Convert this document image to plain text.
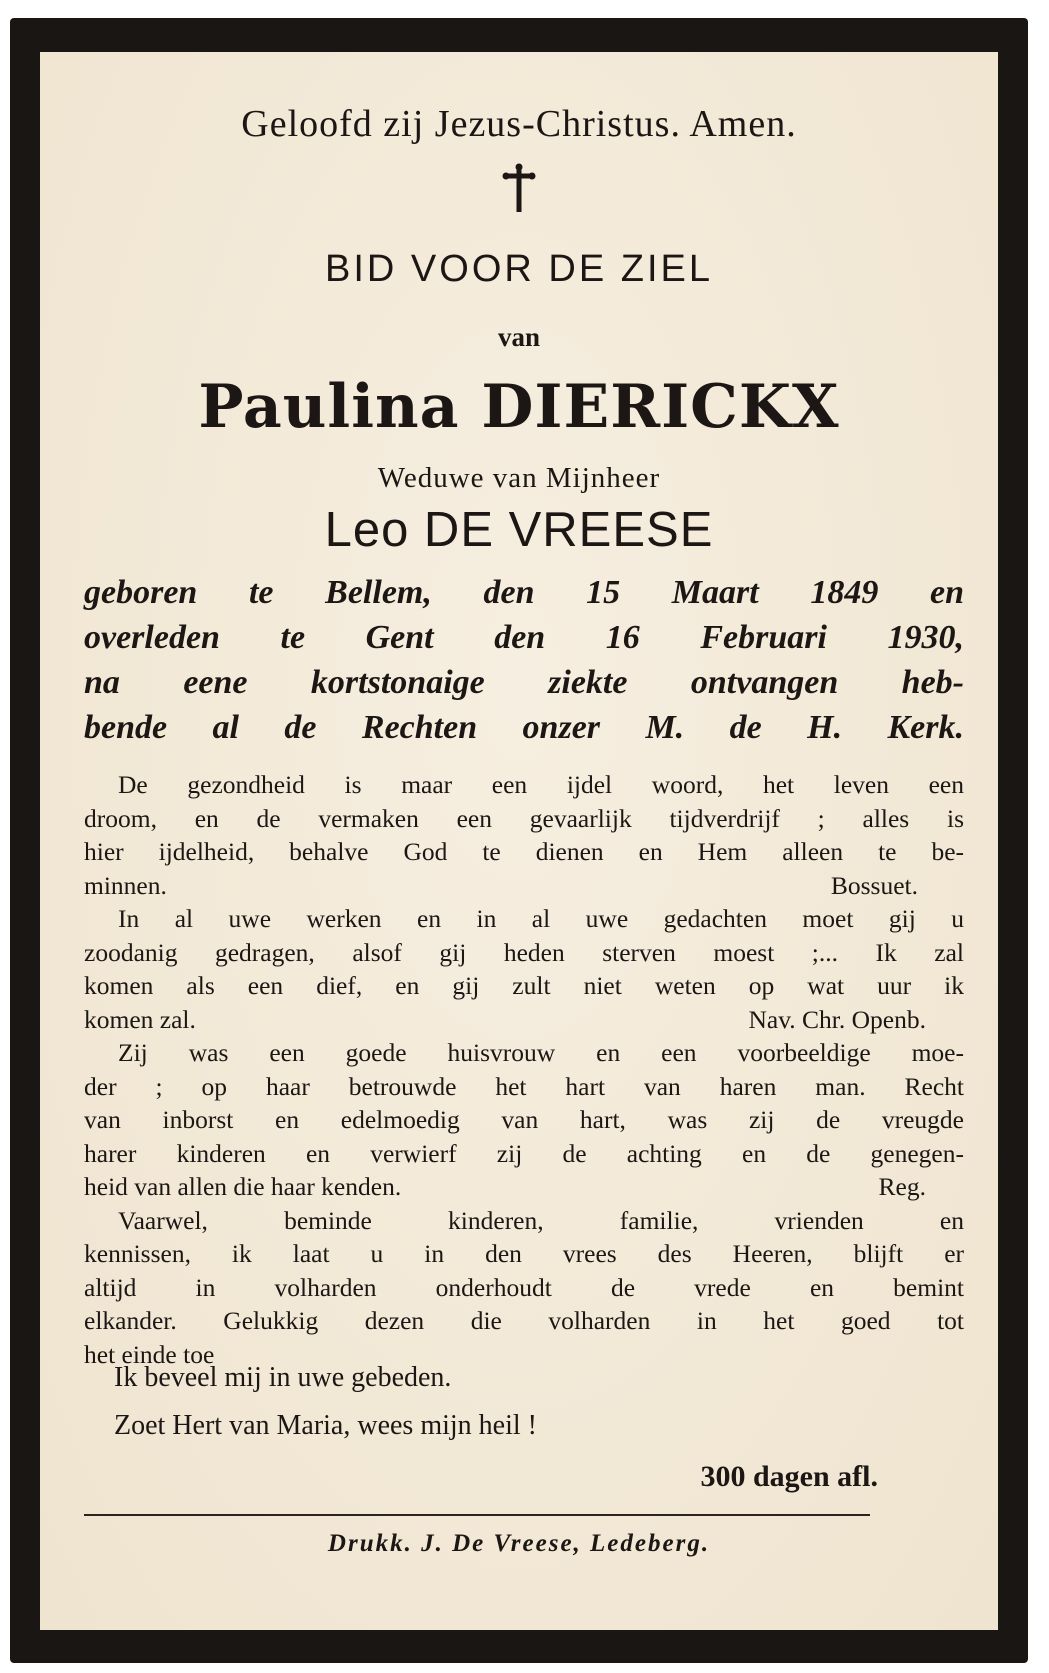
Geloofd zij Jezus-Christus. Amen.
BID VOOR DE ZIEL
van
Paulina DIERICKX
Weduwe van Mijnheer
Leo DE VREESE
geboren te Bellem, den 15 Maart 1849 en
overleden te Gent den 16 Februari 1930,
na eene kortstonaige ziekte ontvangen heb-
bende al de Rechten onzer M. de H. Kerk.
De gezondheid is maar een ijdel woord, het leven een
droom, en de vermaken een gevaarlijk tijdverdrijf ; alles is
hier ijdelheid, behalve God te dienen en Hem alleen te be-
minnen.	Bossuet.
In al uwe werken en in al uwe gedachten moet gij u
zoodanig gedragen, alsof gij heden sterven moest ;... Ik zal
komen als een dief, en gij zult niet weten op wat uur ik
komen zal.	Nav. Chr. Openb.
Zij was een goede huisvrouw en een voorbeeldige moe-
der ; op haar betrouwde het hart van haren man. Recht
van inborst en edelmoedig van hart, was zij de vreugde
harer kinderen en verwierf zij de achting en de genegen-
heid van allen die haar kenden.	Reg.
Vaarwel, beminde kinderen, familie, vrienden en
kennissen, ik laat u in den vrees des Heeren, blijft er
altijd in volharden onderhoudt de vrede en bemint
elkander. Gelukkig dezen die volharden in het goed tot
het einde toe
Ik beveel mij in uwe gebeden.
Zoet Hert van Maria, wees mijn heil !
300 dagen afl.
Drukk. J. De Vreese, Ledeberg.
